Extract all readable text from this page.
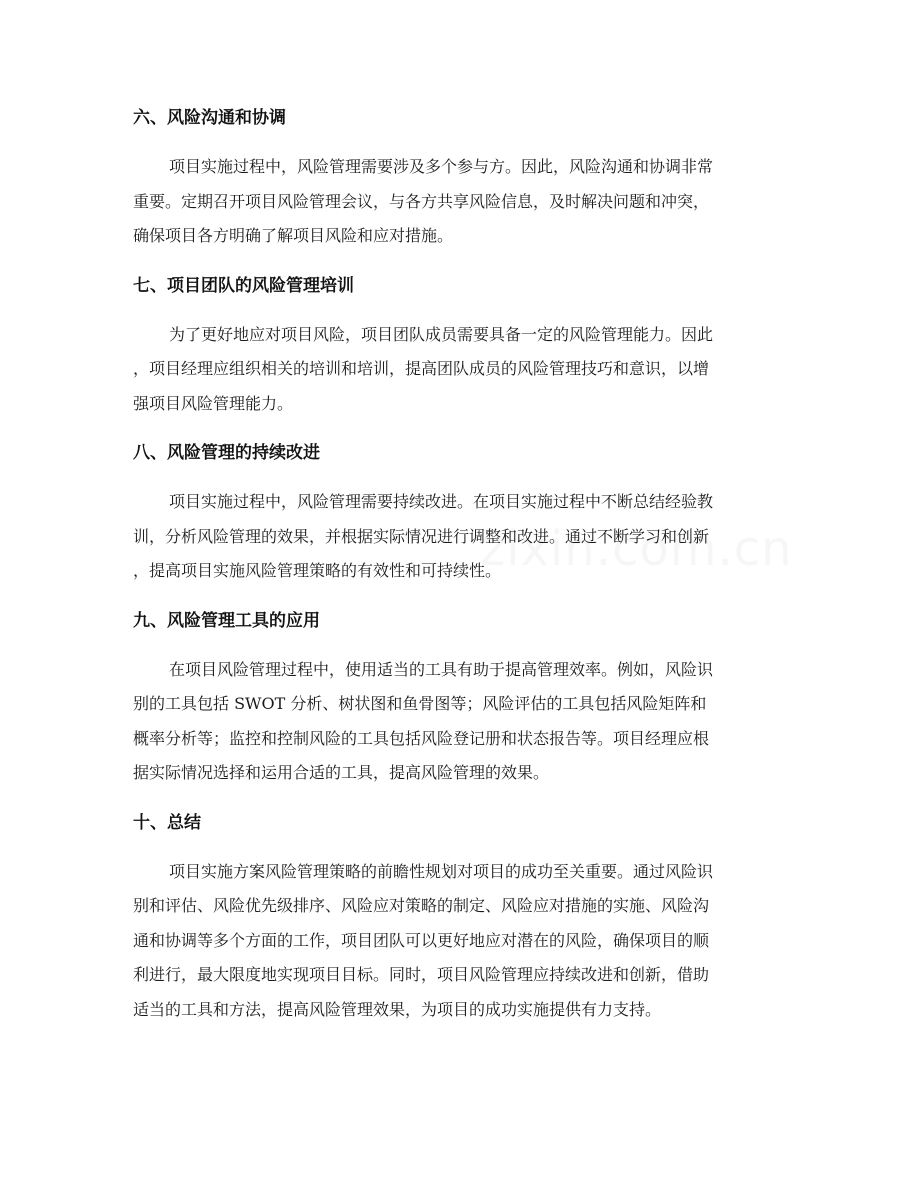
六、风险沟通和协调

项目实施过程中，风险管理需要涉及多个参与方。因此，风险沟通和协调非常
重要。定期召开项目风险管理会议，与各方共享风险信息，及时解决问题和冲突，
确保项目各方明确了解项目风险和应对措施。

七、项目团队的风险管理培训

为了更好地应对项目风险，项目团队成员需要具备一定的风险管理能力。因此
，项目经理应组织相关的培训和培训，提高团队成员的风险管理技巧和意识，以增
强项目风险管理能力。

八、风险管理的持续改进

项目实施过程中，风险管理需要持续改进。在项目实施过程中不断总结经验教
训，分析风险管理的效果，并根据实际情况进行调整和改进。通过不断学习和创新
，提高项目实施风险管理策略的有效性和可持续性。

九、风险管理工具的应用

在项目风险管理过程中，使用适当的工具有助于提高管理效率。例如，风险识
别的工具包括 SWOT 分析、树状图和鱼骨图等；风险评估的工具包括风险矩阵和
概率分析等；监控和控制风险的工具包括风险登记册和状态报告等。项目经理应根
据实际情况选择和运用合适的工具，提高风险管理的效果。

十、总结

项目实施方案风险管理策略的前瞻性规划对项目的成功至关重要。通过风险识
别和评估、风险优先级排序、风险应对策略的制定、风险应对措施的实施、风险沟
通和协调等多个方面的工作，项目团队可以更好地应对潜在的风险，确保项目的顺
利进行，最大限度地实现项目目标。同时，项目风险管理应持续改进和创新，借助
适当的工具和方法，提高风险管理效果，为项目的成功实施提供有力支持。
